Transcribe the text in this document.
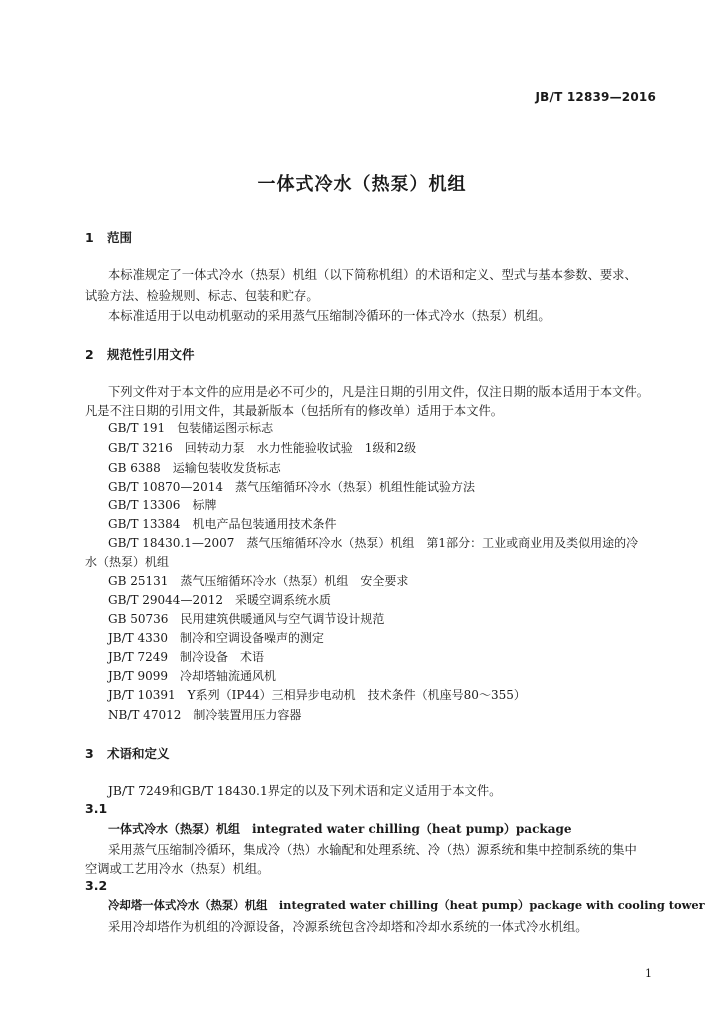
JB/T 12839—2016
一体式冷水（热泵）机组
1 范围
本标准规定了一体式冷水（热泵）机组（以下简称机组）的术语和定义、型式与基本参数、要求、
试验方法、检验规则、标志、包装和贮存。
本标准适用于以电动机驱动的采用蒸气压缩制冷循环的一体式冷水（热泵）机组。
2 规范性引用文件
下列文件对于本文件的应用是必不可少的，凡是注日期的引用文件，仅注日期的版本适用于本文件。
凡是不注日期的引用文件，其最新版本（包括所有的修改单）适用于本文件。
GB/T 191　包装储运图示标志
GB/T 3216　回转动力泵　水力性能验收试验　1级和2级
GB 6388　运输包装收发货标志
GB/T 10870—2014　蒸气压缩循环冷水（热泵）机组性能试验方法
GB/T 13306　标牌
GB/T 13384　机电产品包装通用技术条件
GB/T 18430.1—2007　蒸气压缩循环冷水（热泵）机组　第1部分：工业或商业用及类似用途的冷
水（热泵）机组
GB 25131　蒸气压缩循环冷水（热泵）机组　安全要求
GB/T 29044—2012　采暖空调系统水质
GB 50736　民用建筑供暖通风与空气调节设计规范
JB/T 4330　制冷和空调设备噪声的测定
JB/T 7249　制冷设备　术语
JB/T 9099　冷却塔轴流通风机
JB/T 10391　Y系列（IP44）三相异步电动机　技术条件（机座号80～355）
NB/T 47012　制冷装置用压力容器
3 术语和定义
JB/T 7249和GB/T 18430.1界定的以及下列术语和定义适用于本文件。
3.1
一体式冷水（热泵）机组　integrated water chilling（heat pump）package
采用蒸气压缩制冷循环，集成冷（热）水输配和处理系统、冷（热）源系统和集中控制系统的集中
空调或工艺用冷水（热泵）机组。
3.2
冷却塔一体式冷水（热泵）机组　integrated water chilling（heat pump）package with cooling tower
采用冷却塔作为机组的冷源设备，冷源系统包含冷却塔和冷却水系统的一体式冷水机组。
1
